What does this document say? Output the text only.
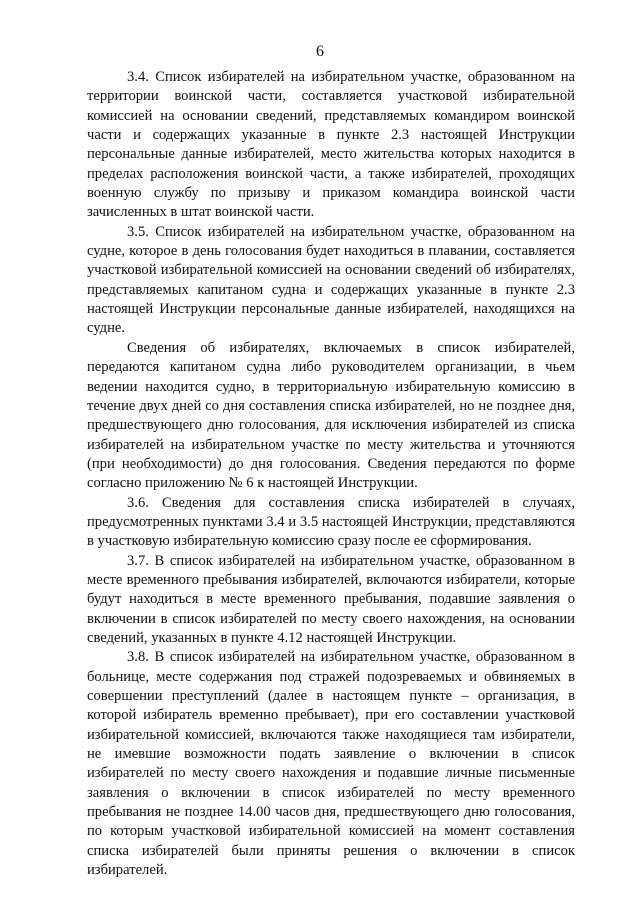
6

3.4. Список избирателей на избирательном участке, образованном на территории воинской части, составляется участковой избирательной комиссией на основании сведений, представляемых командиром воинской части и содержащих указанные в пункте 2.3 настоящей Инструкции персональные данные избирателей, место жительства которых находится в пределах расположения воинской части, а также избирателей, проходящих военную службу по призыву и приказом командира воинской части зачисленных в штат воинской части.

3.5. Список избирателей на избирательном участке, образованном на судне, которое в день голосования будет находиться в плавании, составляется участковой избирательной комиссией на основании сведений об избирателях, представляемых капитаном судна и содержащих указанные в пункте 2.3 настоящей Инструкции персональные данные избирателей, находящихся на судне.

Сведения об избирателях, включаемых в список избирателей, передаются капитаном судна либо руководителем организации, в чьем ведении находится судно, в территориальную избирательную комиссию в течение двух дней со дня составления списка избирателей, но не позднее дня, предшествующего дню голосования, для исключения избирателей из списка избирателей на избирательном участке по месту жительства и уточняются (при необходимости) до дня голосования. Сведения передаются по форме согласно приложению № 6 к настоящей Инструкции.

3.6. Сведения для составления списка избирателей в случаях, предусмотренных пунктами 3.4 и 3.5 настоящей Инструкции, представляются в участковую избирательную комиссию сразу после ее сформирования.

3.7. В список избирателей на избирательном участке, образованном в месте временного пребывания избирателей, включаются избиратели, которые будут находиться в месте временного пребывания, подавшие заявления о включении в список избирателей по месту своего нахождения, на основании сведений, указанных в пункте 4.12 настоящей Инструкции.

3.8. В список избирателей на избирательном участке, образованном в больнице, месте содержания под стражей подозреваемых и обвиняемых в совершении преступлений (далее в настоящем пункте – организация, в которой избиратель временно пребывает), при его составлении участковой избирательной комиссией, включаются также находящиеся там избиратели, не имевшие возможности подать заявление о включении в список избирателей по месту своего нахождения и подавшие личные письменные заявления о включении в список избирателей по месту временного пребывания не позднее 14.00 часов дня, предшествующего дню голосования, по которым участковой избирательной комиссией на момент составления списка избирателей были приняты решения о включении в список избирателей.
